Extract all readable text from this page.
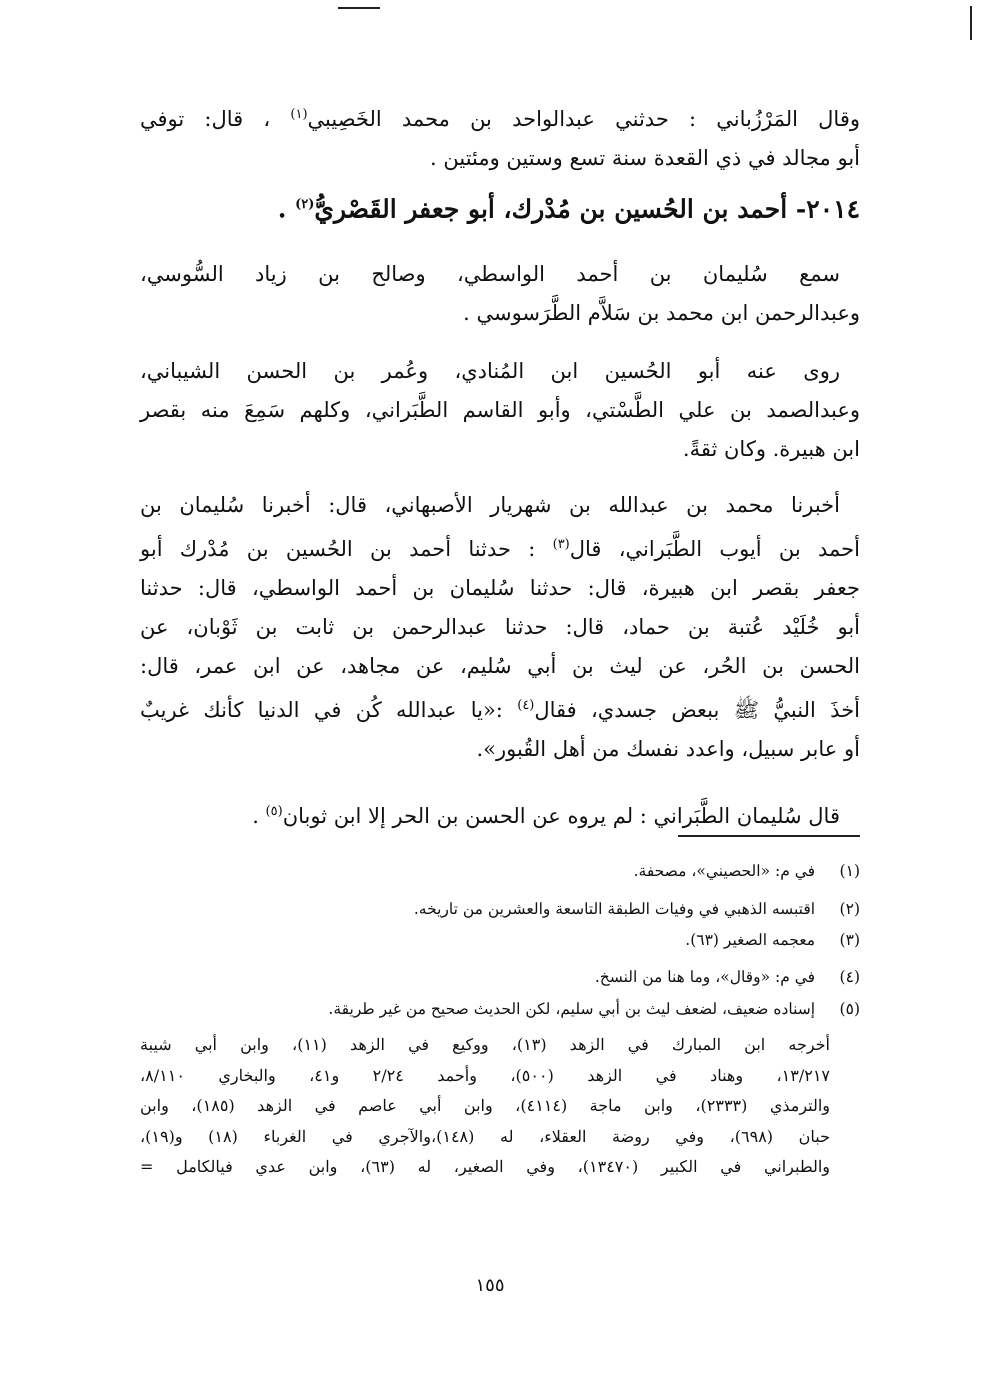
وقال المَرْزُباني : حدثني عبدالواحد بن محمد الخَصِيبي$^{(١)}$ ، قال: توفي
أبو مجالد في ذي القعدة سنة تسع وستين ومئتين .
٢٠١٤- أحمد بن الحُسين بن مُدْرك، أبو جعفر القَصْريُّ$^{(٢)}$ .
سمع سُليمان بن أحمد الواسطي، وصالح بن زياد السُّوسي،
وعبدالرحمن ابن محمد بن سَلاَّم الطَّرَسوسي .
روى عنه أبو الحُسين ابن المُنادي، وعُمر بن الحسن الشيباني،
وعبدالصمد بن علي الطَّسْتي، وأبو القاسم الطَّبَراني، وكلهم سَمِعَ منه بقصر
ابن هبيرة. وكان ثقةً.
أخبرنا محمد بن عبدالله بن شهريار الأصبهاني، قال: أخبرنا سُليمان بن
أحمد بن أيوب الطَّبَراني، قال$^{(٣)}$ : حدثنا أحمد بن الحُسين بن مُدْرك أبو
جعفر بقصر ابن هبيرة، قال: حدثنا سُليمان بن أحمد الواسطي، قال: حدثنا
أبو خُلَيْد عُتبة بن حماد، قال: حدثنا عبدالرحمن بن ثابت بن ثَوْبان، عن
الحسن بن الحُر، عن ليث بن أبي سُليم، عن مجاهد، عن ابن عمر، قال:
أخذَ النبيُّ ﷺ ببعض جسدي، فقال$^{(٤)}$ :«يا عبدالله كُن في الدنيا كأنك غريبٌ
أو عابر سبيل، واعدد نفسك من أهل القُبور».
قال سُليمان الطَّبَراني : لم يروه عن الحسن بن الحر إلا ابن ثوبان$^{(٥)}$ .
(١) في م: «الحصيني»، مصحفة.
(٢) اقتبسه الذهبي في وفيات الطبقة التاسعة والعشرين من تاريخه.
(٣) معجمه الصغير (٦٣).
(٤) في م: «وقال»، وما هنا من النسخ.
(٥) إسناده ضعيف، لضعف ليث بن أبي سليم، لكن الحديث صحيح من غير طريقة.
أخرجه ابن المبارك في الزهد (١٣)، ووكيع في الزهد (١١)، وابن أبي شيبة
١٣/٢١٧، وهناد في الزهد (٥٠٠)، وأحمد ٢/٢٤ و٤١، والبخاري ٨/١١٠،
والترمذي (٢٣٣٣)، وابن ماجة (٤١١٤)، وابن أبي عاصم في الزهد (١٨٥)، وابن
حبان (٦٩٨)، وفي روضة العقلاء، له (١٤٨)،والآجري في الغرباء (١٨) و(١٩)،
والطبراني في الكبير (١٣٤٧٠)، وفي الصغير، له (٦٣)، وابن عدي فيالكامل =
١٥٥
